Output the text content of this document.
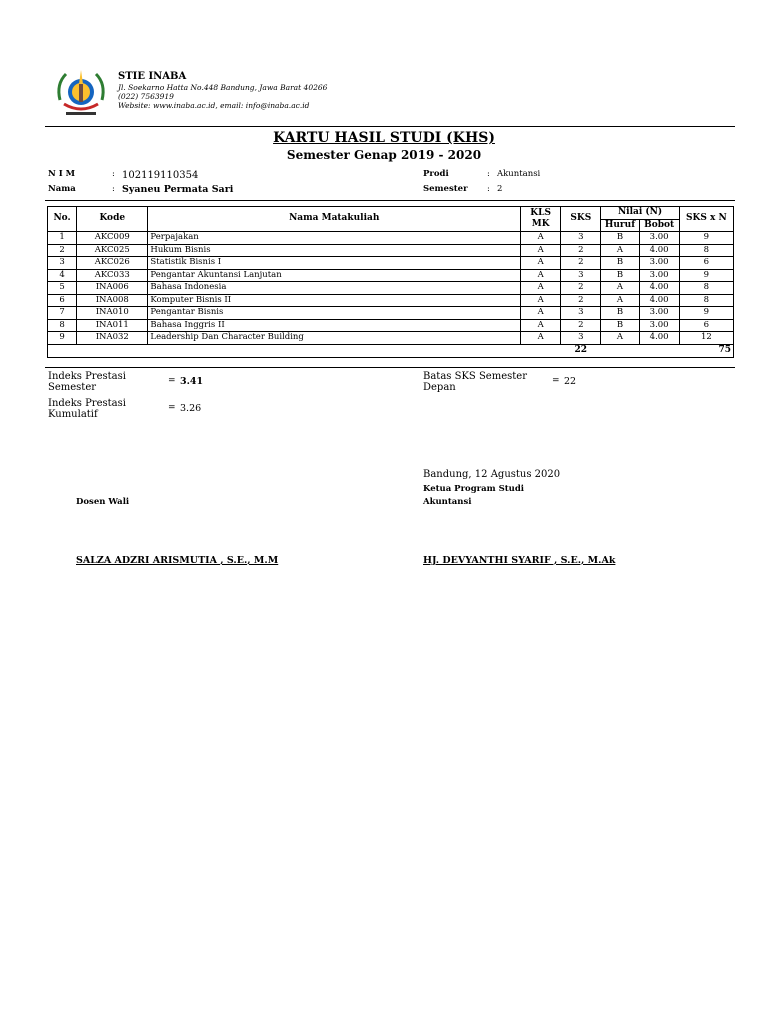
STIE INABA
Jl. Soekarno Hatta No.448 Bandung, Jawa Barat 40266
(022) 7563919
Website: www.inaba.ac.id, email: info@inaba.ac.id
KARTU HASIL STUDI (KHS)
Semester Genap 2019 - 2020
N I M	: 102119110354
Nama	: Syaneu Permata Sari
Prodi	: Akuntansi
Semester : 2
No.	Kode	Nama Matakuliah	KLS MK	SKS	Nilai (N)		SKS x N
					Huruf	Bobot	
1	AKC009	Perpajakan	A	3	B	3.00	9
2	AKC025	Hukum Bisnis	A	2	A	4.00	8
3	AKC026	Statistik Bisnis I	A	2	B	3.00	6
4	AKC033	Pengantar Akuntansi Lanjutan	A	3	B	3.00	9
5	INA006	Bahasa Indonesia	A	2	A	4.00	8
6	INA008	Komputer Bisnis II	A	2	A	4.00	8
7	INA010	Pengantar Bisnis	A	3	B	3.00	9
8	INA011	Bahasa Inggris II	A	2	B	3.00	6
9	INA032	Leadership Dan Character Building	A	3	A	4.00	12
				22			75
Indeks Prestasi Semester
= 3.41
Indeks Prestasi Kumulatif
= 3.26
Batas SKS Semester Depan
= 22
Bandung, 12 Agustus 2020
Ketua Program Studi
Akuntansi
Dosen Wali
SALZA ADZRI ARISMUTIA , S.E., M.M	HJ. DEVYANTHI SYARIF , S.E., M.Ak
